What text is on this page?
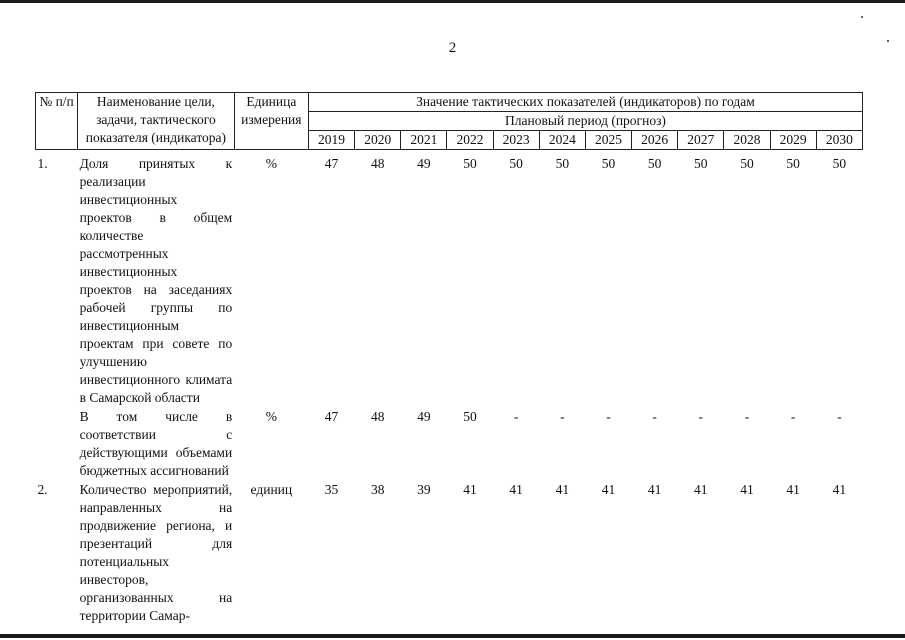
2
№ п/п	Наименование цели, задачи, тактического показателя (индикатора)	Единица измерения	Значение тактических показателей (индикаторов) по годам											
			Плановый период (прогноз)											
			2019	2020	2021	2022	2023	2024	2025	2026	2027	2028	2029	2030
1.	Доля принятых к реализации инвестиционных проектов в общем количестве рассмотренных инвестиционных проектов на заседаниях рабочей группы по инвестиционным проектам при совете по улучшению инвестиционного климата в Самарской области	%	47	48	49	50	50	50	50	50	50	50	50	50
	В том числе в соответствии с действующими объемами бюджетных ассигнований	%	47	48	49	50	-	-	-	-	-	-	-	-
2.	Количество мероприятий, направленных на продвижение региона, и презентаций для потенциальных инвесторов, организованных на территории Самар-	единиц	35	38	39	41	41	41	41	41	41	41	41	41
